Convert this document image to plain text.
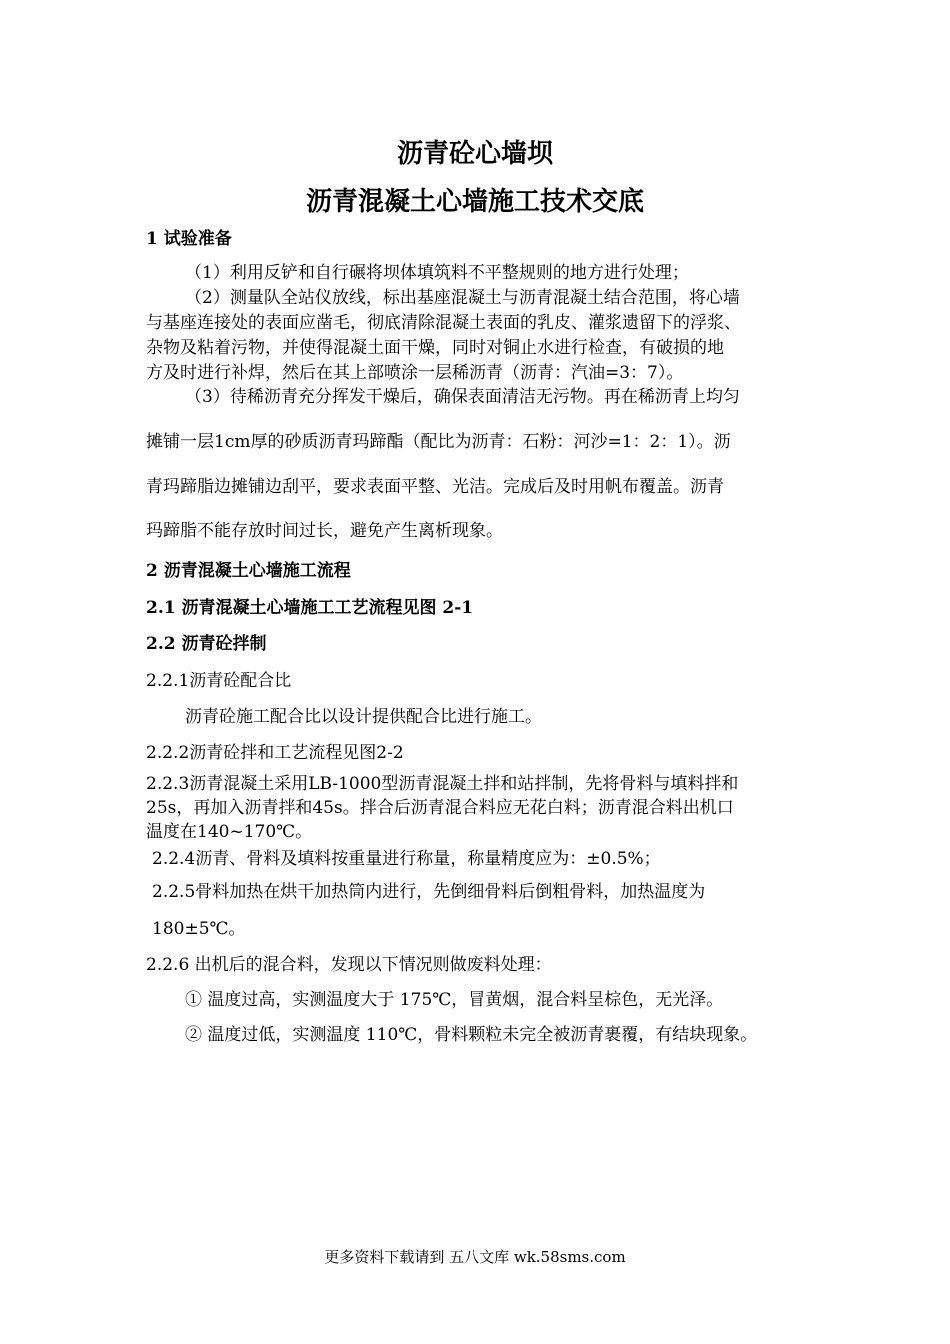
沥青砼心墙坝
沥青混凝土心墙施工技术交底
1 试验准备
（1）利用反铲和自行碾将坝体填筑料不平整规则的地方进行处理；
（2）测量队全站仪放线，标出基座混凝土与沥青混凝土结合范围，将心墙
与基座连接处的表面应凿毛，彻底清除混凝土表面的乳皮、灌浆遗留下的浮浆、
杂物及粘着污物，并使得混凝土面干燥，同时对铜止水进行检查，有破损的地
方及时进行补焊，然后在其上部喷涂一层稀沥青（沥青：汽油=3：7）。
（3）待稀沥青充分挥发干燥后，确保表面清洁无污物。再在稀沥青上均匀
摊铺一层1cm厚的砂质沥青玛蹄酯（配比为沥青：石粉：河沙=1：2：1）。沥
青玛蹄脂边摊铺边刮平，要求表面平整、光洁。完成后及时用帆布覆盖。沥青
玛蹄脂不能存放时间过长，避免产生离析现象。
2 沥青混凝土心墙施工流程
2.1 沥青混凝土心墙施工工艺流程见图 2-1
2.2 沥青砼拌制
2.2.1沥青砼配合比
沥青砼施工配合比以设计提供配合比进行施工。
2.2.2沥青砼拌和工艺流程见图2-2
2.2.3沥青混凝土采用LB-1000型沥青混凝土拌和站拌制，先将骨料与填料拌和
25s，再加入沥青拌和45s。拌合后沥青混合料应无花白料；沥青混合料出机口
温度在140~170℃。
2.2.4沥青、骨料及填料按重量进行称量，称量精度应为：±0.5%；
2.2.5骨料加热在烘干加热筒内进行，先倒细骨料后倒粗骨料，加热温度为
180±5℃。
2.2.6 出机后的混合料，发现以下情况则做废料处理：
① 温度过高，实测温度大于 175℃，冒黄烟，混合料呈棕色，无光泽。
② 温度过低，实测温度 110℃，骨料颗粒未完全被沥青裹覆，有结块现象。
更多资料下载请到 五八文库 wk.58sms.com
